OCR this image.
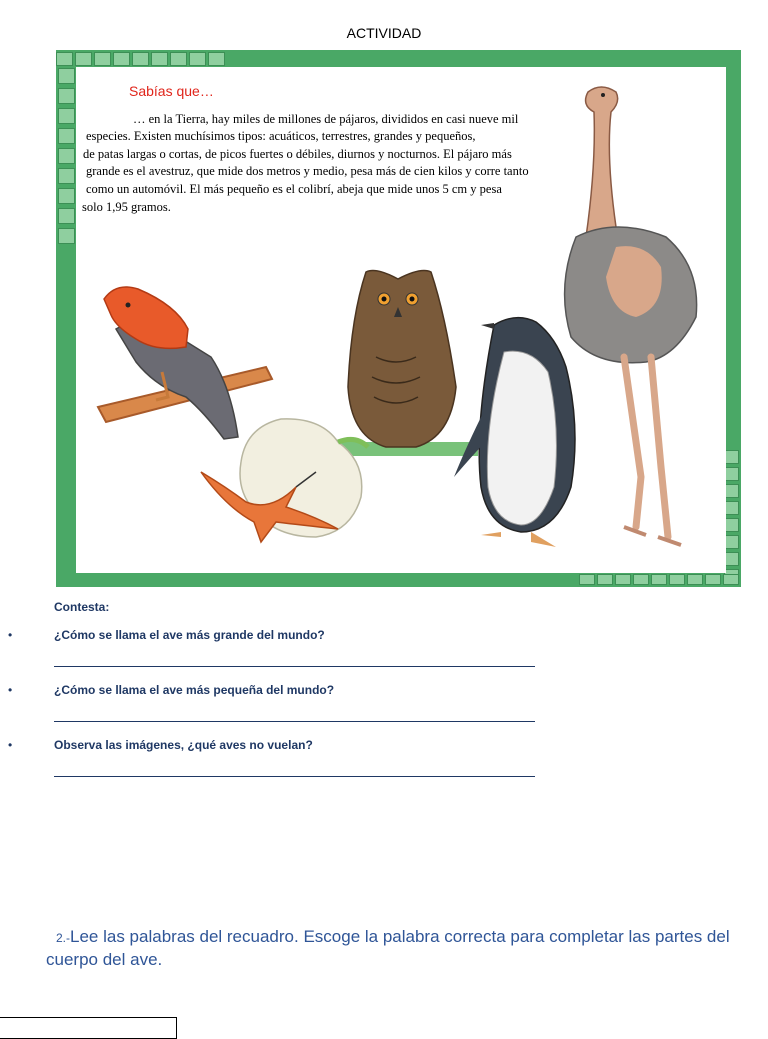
ACTIVIDAD
Sabías que…
… en la Tierra, hay miles de millones de pájaros, divididos en casi nueve mil
especies. Existen muchísimos tipos: acuáticos, terrestres, grandes y pequeños,
de patas largas o cortas, de picos fuertes o débiles, diurnos y nocturnos. El pájaro más
grande es el avestruz, que mide dos metros y medio, pesa más de cien kilos y corre tanto
como un automóvil. El más pequeño es el colibrí, abeja que mide unos 5 cm y pesa
solo 1,95 gramos.
Contesta:
•	¿Cómo se llama el ave más grande del mundo?
•	¿Cómo se llama el ave más pequeña del mundo?
•	Observa las imágenes, ¿qué aves no vuelan?
2.-Lee las palabras del recuadro. Escoge la palabra correcta para completar las partes del cuerpo del ave.
